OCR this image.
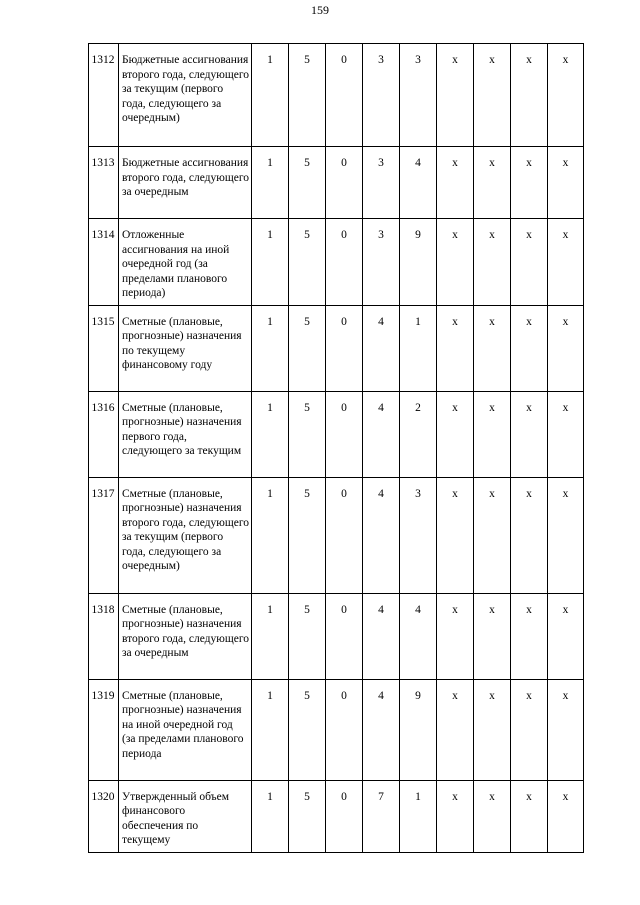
159
1312	Бюджетные ассигнования второго года, следующего за текущим (первого года, следующего за очередным)	1	5	0	3	3	х	х	х	х
1313	Бюджетные ассигнования второго года, следующего за очередным	1	5	0	3	4	х	х	х	х
1314	Отложенные ассигнования на иной очередной год (за пределами планового периода)	1	5	0	3	9	х	х	х	х
1315	Сметные (плановые, прогнозные) назначения по текущему финансовому году	1	5	0	4	1	х	х	х	х
1316	Сметные (плановые, прогнозные) назначения первого года, следующего за текущим	1	5	0	4	2	х	х	х	х
1317	Сметные (плановые, прогнозные) назначения второго года, следующего за текущим (первого года, следующего за очередным)	1	5	0	4	3	х	х	х	х
1318	Сметные (плановые, прогнозные) назначения второго года, следующего за очередным	1	5	0	4	4	х	х	х	х
1319	Сметные (плановые, прогнозные) назначения на иной очередной год (за пределами планового периода	1	5	0	4	9	х	х	х	х
1320	Утвержденный объем финансового обеспечения по текущему	1	5	0	7	1	х	х	х	х
